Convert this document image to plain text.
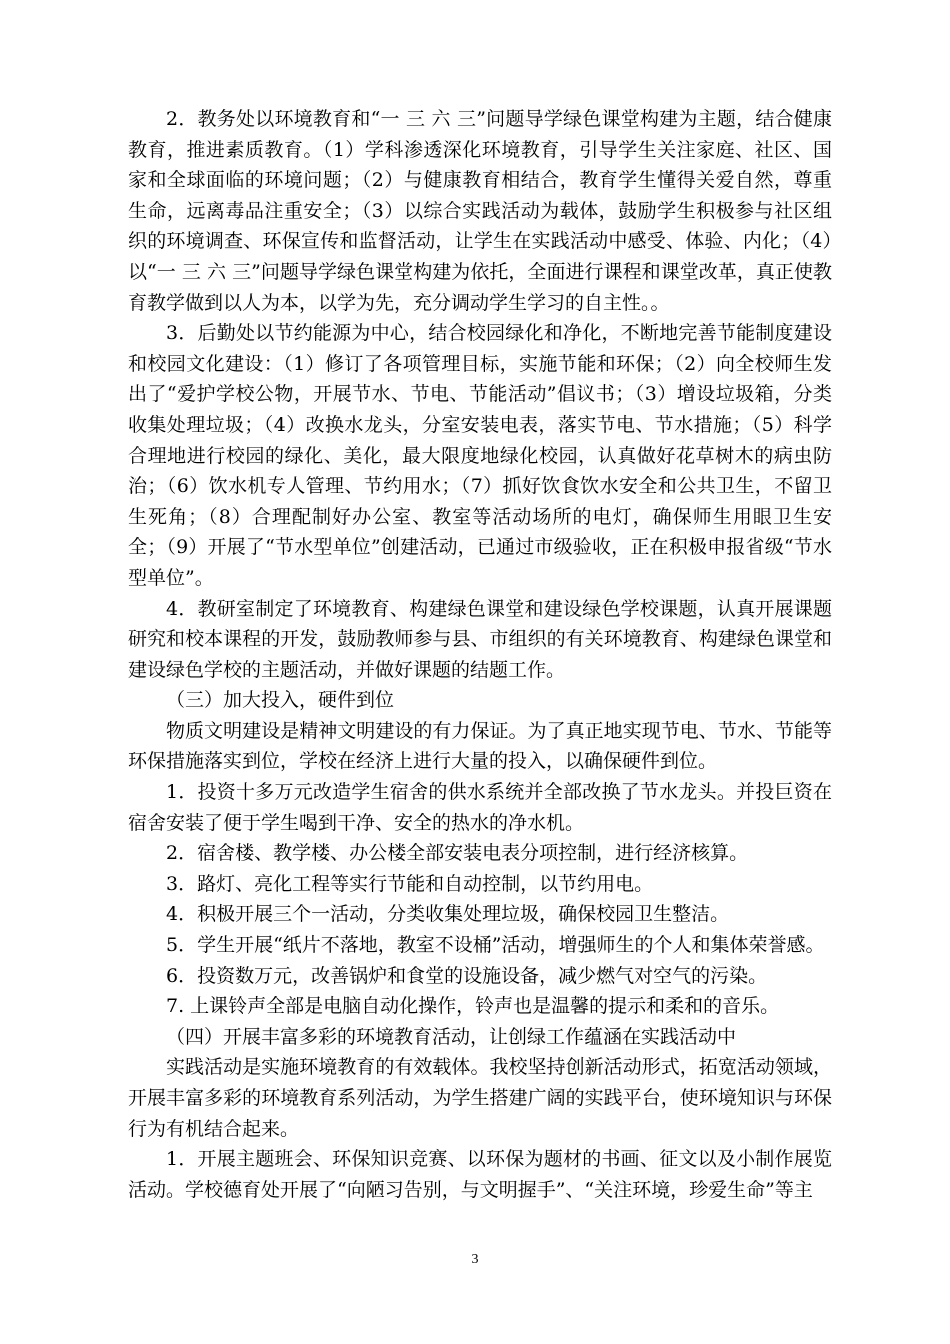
2．教务处以环境教育和“一 三 六 三”问题导学绿色课堂构建为主题，结合健康教育，推进素质教育。（1）学科渗透深化环境教育，引导学生关注家庭、社区、国家和全球面临的环境问题；（2）与健康教育相结合，教育学生懂得关爱自然，尊重生命，远离毒品注重安全；（3）以综合实践活动为载体，鼓励学生积极参与社区组织的环境调查、环保宣传和监督活动，让学生在实践活动中感受、体验、内化；（4）以“一 三 六 三”问题导学绿色课堂构建为依托，全面进行课程和课堂改革，真正使教育教学做到以人为本，以学为先，充分调动学生学习的自主性。。

3．后勤处以节约能源为中心，结合校园绿化和净化，不断地完善节能制度建设和校园文化建设：（1）修订了各项管理目标，实施节能和环保；（2）向全校师生发出了“爱护学校公物，开展节水、节电、节能活动”倡议书；（3）增设垃圾箱，分类收集处理垃圾；（4）改换水龙头，分室安装电表，落实节电、节水措施；（5）科学合理地进行校园的绿化、美化，最大限度地绿化校园，认真做好花草树木的病虫防治；（6）饮水机专人管理、节约用水；（7）抓好饮食饮水安全和公共卫生，不留卫生死角；（8）合理配制好办公室、教室等活动场所的电灯，确保师生用眼卫生安全；（9）开展了“节水型单位”创建活动，已通过市级验收，正在积极申报省级“节水型单位”。

4．教研室制定了环境教育、构建绿色课堂和建设绿色学校课题，认真开展课题研究和校本课程的开发，鼓励教师参与县、市组织的有关环境教育、构建绿色课堂和建设绿色学校的主题活动，并做好课题的结题工作。

（三）加大投入，硬件到位

物质文明建设是精神文明建设的有力保证。为了真正地实现节电、节水、节能等环保措施落实到位，学校在经济上进行大量的投入，以确保硬件到位。

1．投资十多万元改造学生宿舍的供水系统并全部改换了节水龙头。并投巨资在宿舍安装了便于学生喝到干净、安全的热水的净水机。

2．宿舍楼、教学楼、办公楼全部安装电表分项控制，进行经济核算。

3．路灯、亮化工程等实行节能和自动控制，以节约用电。

4．积极开展三个一活动，分类收集处理垃圾，确保校园卫生整洁。

5．学生开展“纸片不落地，教室不设桶”活动，增强师生的个人和集体荣誉感。

6．投资数万元，改善锅炉和食堂的设施设备，减少燃气对空气的污染。

7. 上课铃声全部是电脑自动化操作，铃声也是温馨的提示和柔和的音乐。

（四）开展丰富多彩的环境教育活动，让创绿工作蕴涵在实践活动中

实践活动是实施环境教育的有效载体。我校坚持创新活动形式，拓宽活动领域，开展丰富多彩的环境教育系列活动，为学生搭建广阔的实践平台，使环境知识与环保行为有机结合起来。

1．开展主题班会、环保知识竞赛、以环保为题材的书画、征文以及小制作展览活动。学校德育处开展了“向陋习告别，与文明握手”、“关注环境，珍爱生命”等主

3
